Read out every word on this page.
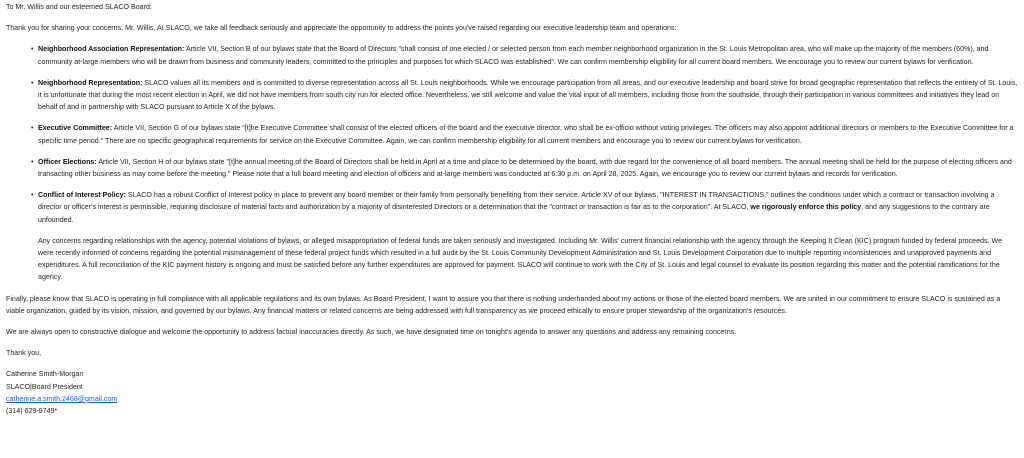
To Mr. Willis and our esteemed SLACO Board:

Thank you for sharing your concerns, Mr. Willis. At SLACO, we take all feedback seriously and appreciate the opportunity to address the points you've raised regarding our executive leadership team and operations:

• Neighborhood Association Representation: Article VII, Section B of our bylaws state that the Board of Directors "shall consist of one elected / or selected person from each member neighborhood organization in the St. Louis Metropolitan area, who will make up the majority of the members (60%), and community at-large members who will be drawn from business and community leaders, committed to the principles and purposes for which SLACO was established". We can confirm membership eligibility for all current board members. We encourage you to review our current bylaws for verification.
• Neighborhood Representation: SLACO values all its members and is committed to diverse representation across all St. Louis neighborhoods. While we encourage participation from all areas, and our executive leadership and board strive for broad geographic representation that reflects the entirety of St. Louis, it is unfortunate that during the most recent election in April, we did not have members from south city run for elected office. Nevertheless, we still welcome and value the vital input of all members, including those from the southside, through their participation in various committees and initiatives they lead on behalf of and in partnership with SLACO pursuant to Article X of the bylaws.
• Executive Committee: Article VII, Section G of our bylaws state "[t]he Executive Committee shall consist of the elected officers of the board and the executive director, who shall be ex-officio without voting privileges. The officers may also appoint additional directors or members to the Executive Committee for a specific time period." There are no specific geographical requirements for service on the Executive Committee. Again, we can confirm membership eligibility for all current members and encourage you to review our current bylaws for verification.
• Officer Elections: Article VII, Section H of our bylaws state "[t]he annual meeting of the Board of Directors shall be held in April at a time and place to be determined by the board, with due regard for the convenience of all board members. The annual meeting shall be held for the purpose of electing officers and transacting other business as may come before the meeting." Please note that a full board meeting and election of officers and at-large members was conducted at 6:30 p.m. on April 28, 2025. Again, we encourage you to review our current bylaws and records for verification.
• Conflict of Interest Policy: SLACO has a robust Conflict of Interest policy in place to prevent any board member or their family from personally benefiting from their service. Article XV of our bylaws, "INTEREST IN TRANSACTIONS," outlines the conditions under which a contract or transaction involving a director or officer's interest is permissible, requiring disclosure of material facts and authorization by a majority of disinterested Directors or a determination that the "contract or transaction is fair as to the corporation". At SLACO, we rigorously enforce this policy, and any suggestions to the contrary are unfounded.

Any concerns regarding relationships with the agency, potential violations of bylaws, or alleged misappropriation of federal funds are taken seriously and investigated. Including Mr. Willis' current financial relationship with the agency through the Keeping It Clean (KIC) program funded by federal proceeds. We were recently informed of concerns regarding the potential mismanagement of these federal project funds which resulted in a full audit by the St. Louis Community Development Administration and St. Louis Development Corporation due to multiple reporting inconsistencies and unapproved payments and expenditures. A full reconciliation of the KIC payment history is ongoing and must be satisfied before any further expenditures are approved for payment. SLACO will continue to work with the City of St. Louis and legal counsel to evaluate its position regarding this matter and the potential ramifications for the agency.

Finally, please know that SLACO is operating in full compliance with all applicable regulations and its own bylaws. As Board President, I want to assure you that there is nothing underhanded about my actions or those of the elected board members. We are united in our commitment to ensure SLACO is sustained as a viable organization, guided by its vision, mission, and governed by our bylaws. Any financial matters or related concerns are being addressed with full transparency as we proceed ethically to ensure proper stewardship of the organization's resources.

We are always open to constructive dialogue and welcome the opportunity to address factual inaccuracies directly. As such, we have designated time on tonight's agenda to answer any questions and address any remaining concerns.

Thank you,

Catherine Smith-Morgan

SLACO|Board President

catherine.a.smith.2468@gmail.com

(314) 629-9749*
